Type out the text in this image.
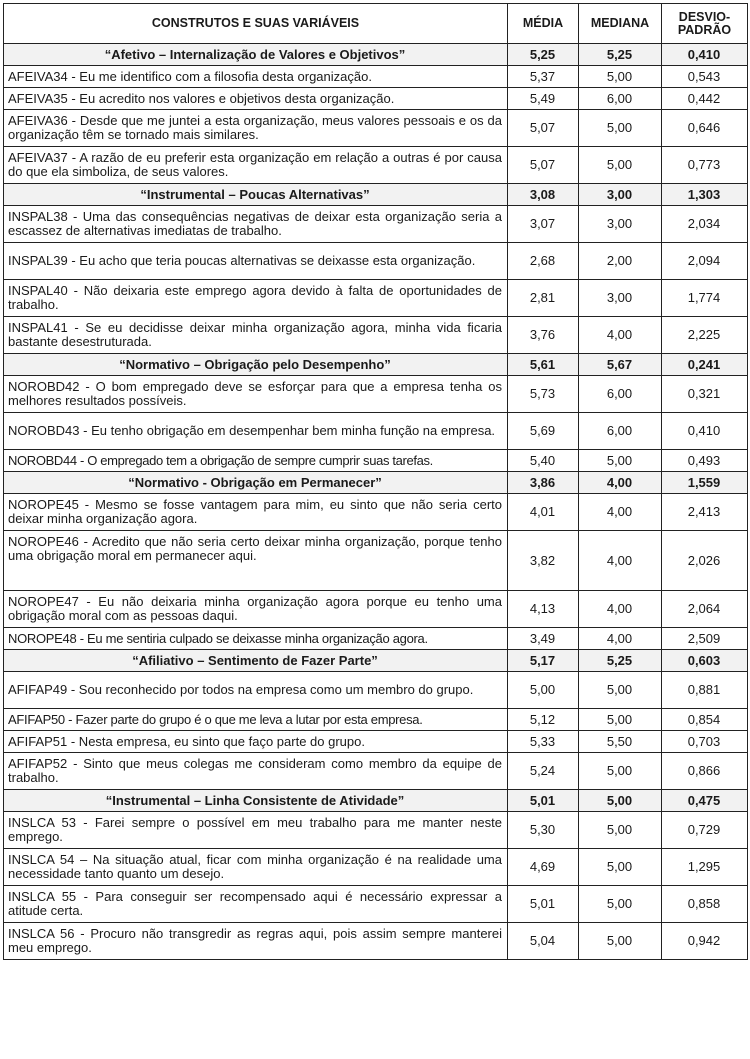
CONSTRUTOS E SUAS VARIÁVEIS	MÉDIA	MEDIANA	DESVIO-PADRÃO
“Afetivo – Internalização de Valores e Objetivos”	5,25	5,25	0,410
AFEIVA34 - Eu me identifico com a filosofia desta organização.	5,37	5,00	0,543
AFEIVA35 - Eu acredito nos valores e objetivos desta organização.	5,49	6,00	0,442
AFEIVA36 - Desde que me juntei a esta organização, meus valores pessoais e os da organização têm se tornado mais similares.	5,07	5,00	0,646
AFEIVA37 - A razão de eu preferir esta organização em relação a outras é por causa do que ela simboliza, de seus valores.	5,07	5,00	0,773
“Instrumental – Poucas Alternativas”	3,08	3,00	1,303
INSPAL38 - Uma das consequências negativas de deixar esta organização seria a escassez de alternativas imediatas de trabalho.	3,07	3,00	2,034
INSPAL39 - Eu acho que teria poucas alternativas se deixasse esta organização.	2,68	2,00	2,094
INSPAL40 - Não deixaria este emprego agora devido à falta de oportunidades de trabalho.	2,81	3,00	1,774
INSPAL41 - Se eu decidisse deixar minha organização agora, minha vida ficaria bastante desestruturada.	3,76	4,00	2,225
“Normativo – Obrigação pelo Desempenho”	5,61	5,67	0,241
NOROBD42 - O bom empregado deve se esforçar para que a empresa tenha os melhores resultados possíveis.	5,73	6,00	0,321
NOROBD43 - Eu tenho obrigação em desempenhar bem minha função na empresa.	5,69	6,00	0,410
NOROBD44 - O empregado tem a obrigação de sempre cumprir suas tarefas.	5,40	5,00	0,493
“Normativo - Obrigação em Permanecer”	3,86	4,00	1,559
NOROPE45 - Mesmo se fosse vantagem para mim, eu sinto que não seria certo deixar minha organização agora.	4,01	4,00	2,413
NOROPE46 - Acredito que não seria certo deixar minha organização, porque tenho uma obrigação moral em permanecer aqui.	3,82	4,00	2,026
NOROPE47 - Eu não deixaria minha organização agora porque eu tenho uma obrigação moral com as pessoas daqui.	4,13	4,00	2,064
NOROPE48 - Eu me sentiria culpado se deixasse minha organização agora.	3,49	4,00	2,509
“Afiliativo – Sentimento de Fazer Parte”	5,17	5,25	0,603
AFIFAP49 - Sou reconhecido por todos na empresa como um membro do grupo.	5,00	5,00	0,881
AFIFAP50 - Fazer parte do grupo é o que me leva a lutar por esta empresa.	5,12	5,00	0,854
AFIFAP51 - Nesta empresa, eu sinto que faço parte do grupo.	5,33	5,50	0,703
AFIFAP52 - Sinto que meus colegas me consideram como membro da equipe de trabalho.	5,24	5,00	0,866
“Instrumental – Linha Consistente de Atividade”	5,01	5,00	0,475
INSLCA 53 - Farei sempre o possível em meu trabalho para me manter neste emprego.	5,30	5,00	0,729
INSLCA 54 – Na situação atual, ficar com minha organização é na realidade uma necessidade tanto quanto um desejo.	4,69	5,00	1,295
INSLCA 55 - Para conseguir ser recompensado aqui é necessário expressar a atitude certa.	5,01	5,00	0,858
INSLCA 56 - Procuro não transgredir as regras aqui, pois assim sempre manterei meu emprego.	5,04	5,00	0,942
